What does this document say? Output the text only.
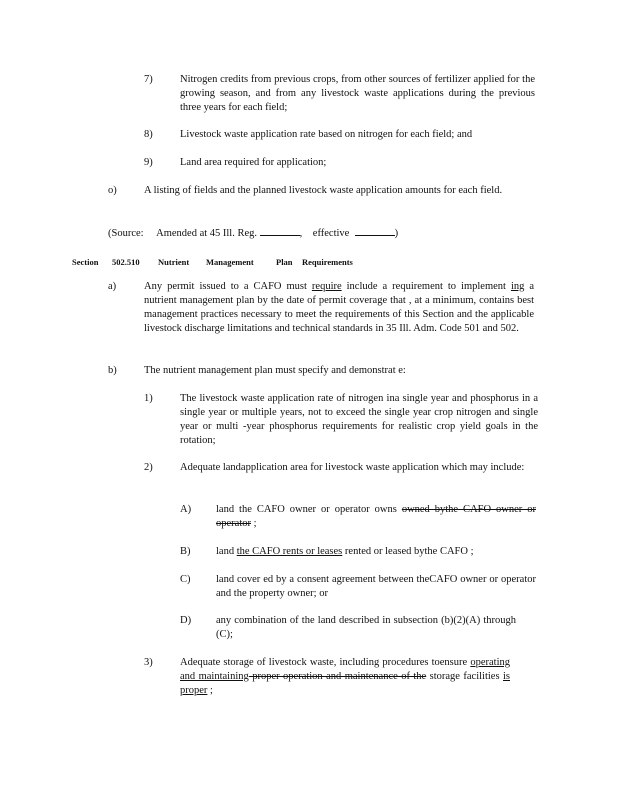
7)	Nitrogen credits from previous crops, from other sources of fertilizer applied for the growing season, and from any livestock waste applications during the previous three years for each field;
8)	Livestock waste application rate based on nitrogen for each field; and
9)	Land area required for application;
o)	A listing of fields and the planned livestock waste application amounts for each field.
(Source: Amended at 45 Ill. Reg.	,    effective	)
Section 502.510 Nutrient Management	Plan Requirements
a)	Any permit issued to a CAFO must require include a requirement to implement ing a nutrient management plan by the date of permit coverage that , at a minimum, contains best management practices necessary to meet the requirements of this Section and the applicable livestock discharge limitations and technical standards in 35 Ill. Adm. Code 501 and 502.
b)	The nutrient management plan must specify and demonstrat e:
1)	The livestock waste application rate of nitrogen ina single year and phosphorus in a single year or multiple years, not to exceed the single year crop nitrogen and single year or multi -year phosphorus requirements for realistic crop yield goals in the rotation;
2)	Adequate landapplication area for livestock waste application which may include:
A) land the CAFO owner or operator owns owned bythe CAFO owner or operator ;
B) land the CAFO rents or leases rented or leased bythe CAFO ;
C) land cover ed by a consent agreement between theCAFO owner or operator and the property owner; or
D) any combination of the land described in subsection (b)(2)(A) through (C);
3)	Adequate storage of livestock waste, including procedures toensure operating and maintaining proper operation and maintenance of the storage facilities is proper ;
